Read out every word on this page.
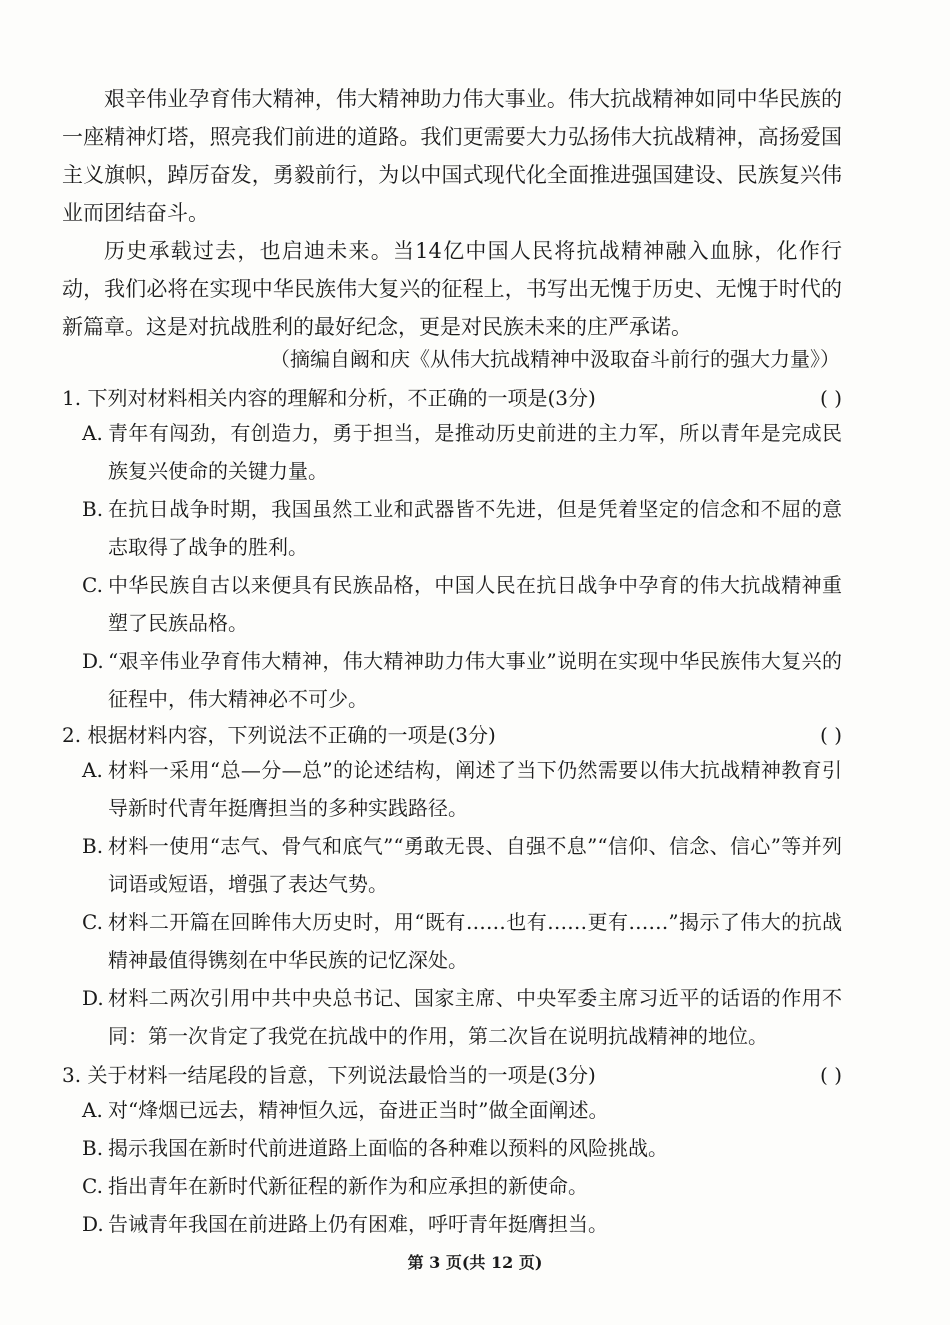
艰辛伟业孕育伟大精神，伟大精神助力伟大事业。伟大抗战精神如同中华民族的一座精神灯塔，照亮我们前进的道路。我们更需要大力弘扬伟大抗战精神，高扬爱国主义旗帜，踔厉奋发，勇毅前行，为以中国式现代化全面推进强国建设、民族复兴伟业而团结奋斗。

历史承载过去，也启迪未来。当14亿中国人民将抗战精神融入血脉，化作行动，我们必将在实现中华民族伟大复兴的征程上，书写出无愧于历史、无愧于时代的新篇章。这是对抗战胜利的最好纪念，更是对民族未来的庄严承诺。

（摘编自阚和庆《从伟大抗战精神中汲取奋斗前行的强大力量》）

1. 下列对材料相关内容的理解和分析，不正确的一项是(3分)	( )
A. 青年有闯劲，有创造力，勇于担当，是推动历史前进的主力军，所以青年是完成民族复兴使命的关键力量。
B. 在抗日战争时期，我国虽然工业和武器皆不先进，但是凭着坚定的信念和不屈的意志取得了战争的胜利。
C. 中华民族自古以来便具有民族品格，中国人民在抗日战争中孕育的伟大抗战精神重塑了民族品格。
D. “艰辛伟业孕育伟大精神，伟大精神助力伟大事业”说明在实现中华民族伟大复兴的征程中，伟大精神必不可少。
2. 根据材料内容，下列说法不正确的一项是(3分)	( )
A. 材料一采用“总—分—总”的论述结构，阐述了当下仍然需要以伟大抗战精神教育引导新时代青年挺膺担当的多种实践路径。
B. 材料一使用“志气、骨气和底气”“勇敢无畏、自强不息”“信仰、信念、信心”等并列词语或短语，增强了表达气势。
C. 材料二开篇在回眸伟大历史时，用“既有……也有……更有……”揭示了伟大的抗战精神最值得镌刻在中华民族的记忆深处。
D. 材料二两次引用中共中央总书记、国家主席、中央军委主席习近平的话语的作用不同：第一次肯定了我党在抗战中的作用，第二次旨在说明抗战精神的地位。
3. 关于材料一结尾段的旨意，下列说法最恰当的一项是(3分)	( )
A. 对“烽烟已远去，精神恒久远，奋进正当时”做全面阐述。
B. 揭示我国在新时代前进道路上面临的各种难以预料的风险挑战。
C. 指出青年在新时代新征程的新作为和应承担的新使命。
D. 告诫青年我国在前进路上仍有困难，呼吁青年挺膺担当。
第 3 页(共 12 页)
